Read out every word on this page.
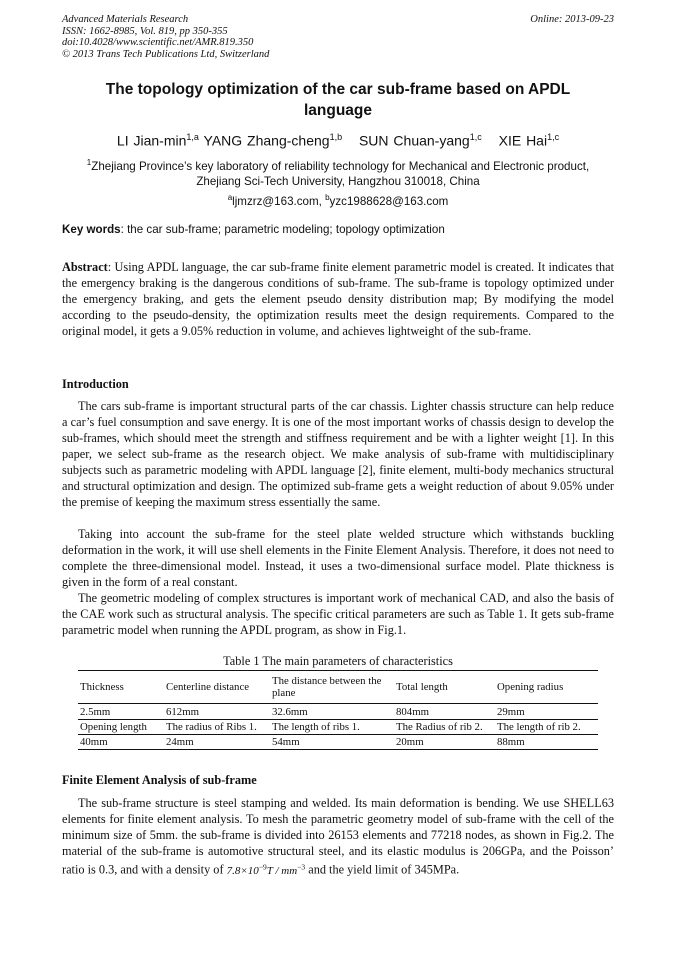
Advanced Materials Research
ISSN: 1662-8985, Vol. 819, pp 350-355
doi:10.4028/www.scientific.net/AMR.819.350
© 2013 Trans Tech Publications Ltd, Switzerland
Online: 2013-09-23
The topology optimization of the car sub-frame based on APDL
language
LI Jian-$\min^{1,a}$ YANG Zhang-cheng$^{1,b}$ SUN Chuan-yang$^{1,c}$ XIE Hai$^{1,c}$
$^1$Zhejiang Province’s key laboratory of reliability technology for Mechanical and Electronic product,
Zhejiang Sci-Tech University, Hangzhou 310018, China
$^a$ljmzrz@163.com, $^b$yzc1988628@163.com
Key words: the car sub-frame; parametric modeling; topology optimization
Abstract: Using APDL language, the car sub-frame finite element parametric model is created. It indicates that the emergency braking is the dangerous conditions of sub-frame. The sub-frame is topology optimized under the emergency braking, and gets the element pseudo density distribution map; By modifying the model according to the pseudo-density, the optimization results meet the design requirements. Compared to the original model, it gets a 9.05% reduction in volume, and achieves lightweight of the sub-frame.
Introduction

The cars sub-frame is important structural parts of the car chassis. Lighter chassis structure can help reduce a car’s fuel consumption and save energy. It is one of the most important works of chassis design to develop the sub-frames, which should meet the strength and stiffness requirement and be with a lighter weight [1]. In this paper, we select sub-frame as the research object. We make analysis of sub-frame with multidisciplinary subjects such as parametric modeling with APDL language [2], finite element, multi-body mechanics structural and structural optimization and design. The optimized sub-frame gets a weight reduction of about 9.05% under the premise of keeping the maximum stress essentially the same.

Taking into account the sub-frame for the steel plate welded structure which withstands buckling deformation in the work, it will use shell elements in the Finite Element Analysis. Therefore, it does not need to complete the three-dimensional model. Instead, it uses a two-dimensional surface model. Plate thickness is given in the form of a real constant.

The geometric modeling of complex structures is important work of mechanical CAD, and also the basis of the CAE work such as structural analysis. The specific critical parameters are such as Table 1. It gets sub-frame parametric model when running the APDL program, as show in Fig.1.

Table 1 The main parameters of characteristics
Thickness	Centerline distance	The distance between the plane	Total length	Opening radius
2.5mm	612mm	32.6mm	804mm	29mm
Opening length	The radius of Ribs 1.	The length of ribs 1.	The Radius of rib 2.	The length of rib 2.
40mm	24mm	54mm	20mm	88mm
Finite Element Analysis of sub-frame

The sub-frame structure is steel stamping and welded. Its main deformation is bending. We use SHELL63 elements for finite element analysis. To mesh the parametric geometry model of sub-frame with the cell of the minimum size of 5mm. the sub-frame is divided into 26153 elements and 77218 nodes, as shown in Fig.2. The material of the sub-frame is automotive structural steel, and its elastic modulus is 206GPa, and the Poisson’ ratio is 0.3, and with a density of $7.8\times 10^{-9}T / mm^{-3}$ and the yield limit of 345MPa.
